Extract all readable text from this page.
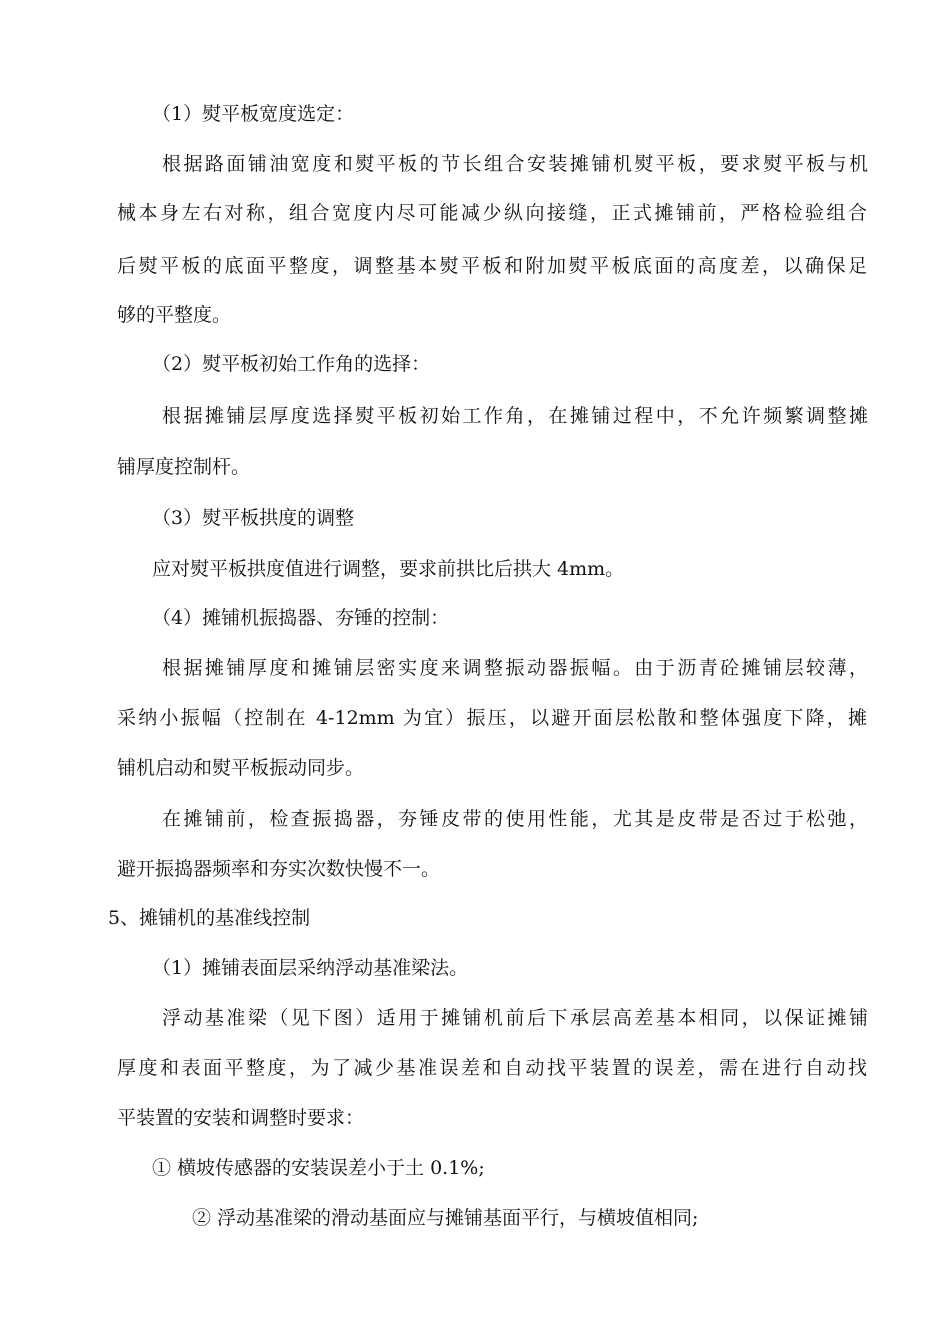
（1）熨平板宽度选定：

根据路面铺油宽度和熨平板的节长组合安装摊铺机熨平板，要求熨平板与机

械本身左右对称，组合宽度内尽可能减少纵向接缝，正式摊铺前，严格检验组合

后熨平板的底面平整度，调整基本熨平板和附加熨平板底面的高度差，以确保足

够的平整度。

（2）熨平板初始工作角的选择：

根据摊铺层厚度选择熨平板初始工作角，在摊铺过程中，不允许频繁调整摊

铺厚度控制杆。

（3）熨平板拱度的调整

应对熨平板拱度值进行调整，要求前拱比后拱大 4mm。

（4）摊铺机振捣器、夯锤的控制：

根据摊铺厚度和摊铺层密实度来调整振动器振幅。由于沥青砼摊铺层较薄，

采纳小振幅（控制在 4-12mm 为宜）振压，以避开面层松散和整体强度下降，摊

铺机启动和熨平板振动同步。

在摊铺前，检查振捣器，夯锤皮带的使用性能，尤其是皮带是否过于松弛，

避开振捣器频率和夯实次数快慢不一。

5、摊铺机的基准线控制

（1）摊铺表面层采纳浮动基准梁法。

浮动基准梁（见下图）适用于摊铺机前后下承层高差基本相同，以保证摊铺

厚度和表面平整度，为了减少基准误差和自动找平装置的误差，需在进行自动找

平装置的安装和调整时要求：

① 横坡传感器的安装误差小于土 0.1%;

② 浮动基准梁的滑动基面应与摊铺基面平行，与横坡值相同;
